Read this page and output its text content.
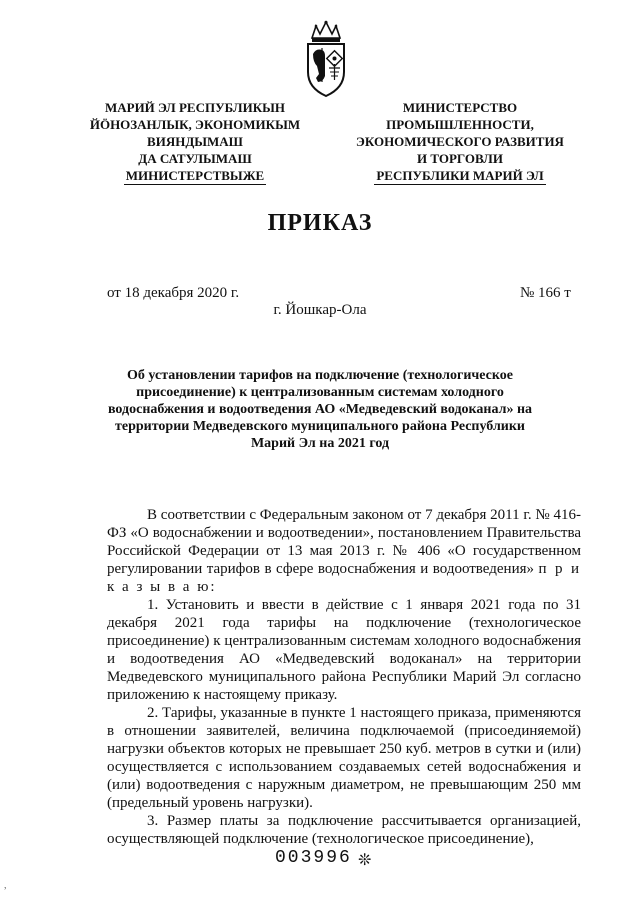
МАРИЙ ЭЛ РЕСПУБЛИКЫН
ЙӦНОЗАНЛЫК, ЭКОНОМИКЫМ
ВИЯНДЫМАШ
ДА САТУЛЫМАШ
МИНИСТЕРСТВЫЖЕ
МИНИСТЕРСТВО
ПРОМЫШЛЕННОСТИ,
ЭКОНОМИЧЕСКОГО РАЗВИТИЯ
И ТОРГОВЛИ
РЕСПУБЛИКИ МАРИЙ ЭЛ
ПРИКАЗ
от 18 декабря 2020 г.	№ 166 т
г. Йошкар-Ола
Об установлении тарифов на подключение (технологическое присоединение) к централизованным системам холодного водоснабжения и водоотведения АО «Медведевский водоканал» на территории Медведевского муниципального района Республики Марий Эл на 2021 год

В соответствии с Федеральным законом от 7 декабря 2011 г. № 416-ФЗ «О водоснабжении и водоотведении», постановлением Правительства Российской Федерации от 13 мая 2013 г. № 406 «О государственном регулировании тарифов в сфере водоснабжения и водоотведения» п р и к а з ы в а ю:

1. Установить и ввести в действие с 1 января 2021 года по 31 декабря 2021 года тарифы на подключение (технологическое присоединение) к централизованным системам холодного водоснабжения и водоотведения АО «Медведевский водоканал» на территории Медведевского муниципального района Республики Марий Эл согласно приложению к настоящему приказу.

2. Тарифы, указанные в пункте 1 настоящего приказа, применяются в отношении заявителей, величина подключаемой (присоединяемой) нагрузки объектов которых не превышает 250 куб. метров в сутки и (или) осуществляется с использованием создаваемых сетей водоснабжения и (или) водоотведения с наружным диаметром, не превышающим 250 мм (предельный уровень нагрузки).

3. Размер платы за подключение рассчитывается организацией, осуществляющей подключение (технологическое присоединение),

003996 ❊
,
